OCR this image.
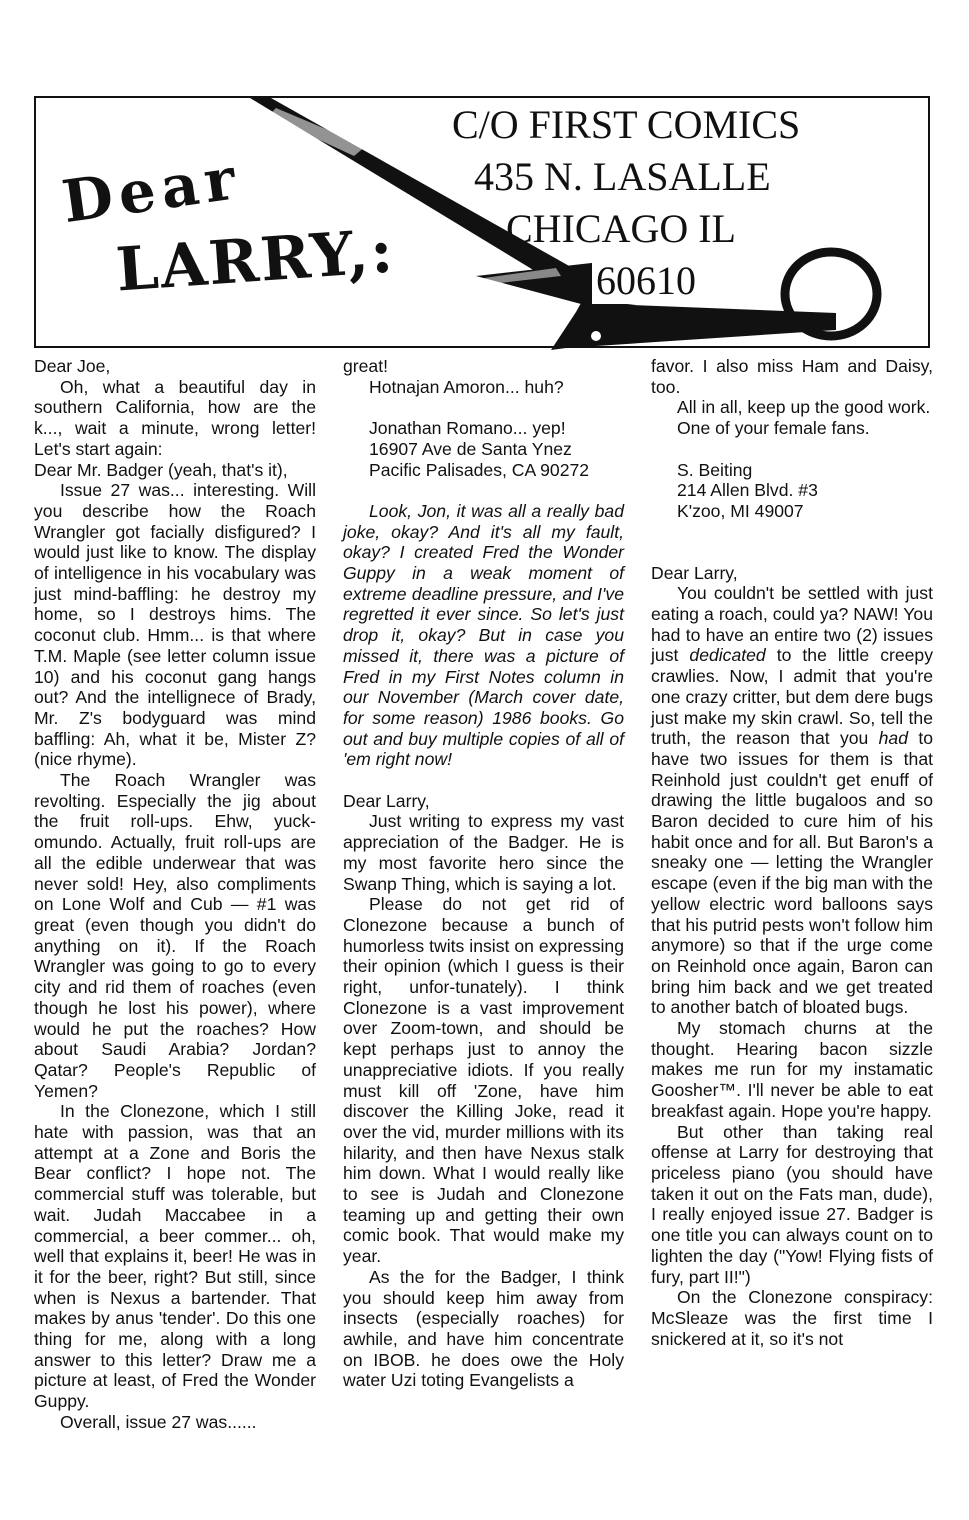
Dear
LARRY,:
C/O FIRST COMICS
435 N. LASALLE
CHICAGO IL
60610

Dear Joe,

Oh, what a beautiful day in southern California, how are the k..., wait a minute, wrong letter! Let's start again:

Dear Mr. Badger (yeah, that's it),

Issue 27 was... interesting. Will you describe how the Roach Wrangler got facially disfigured? I would just like to know. The display of intelligence in his vocabulary was just mind-baffling: he destroy my home, so I destroys hims. The coconut club. Hmm... is that where T.M. Maple (see letter column issue 10) and his coconut gang hangs out? And the intellignece of Brady, Mr. Z's bodyguard was mind baffling: Ah, what it be, Mister Z? (nice rhyme).

The Roach Wrangler was revolting. Especially the jig about the fruit roll-ups. Ehw, yuck-omundo. Actually, fruit roll-ups are all the edible underwear that was never sold! Hey, also compliments on Lone Wolf and Cub — #1 was great (even though you didn't do anything on it). If the Roach Wrangler was going to go to every city and rid them of roaches (even though he lost his power), where would he put the roaches? How about Saudi Arabia? Jordan? Qatar? People's Republic of Yemen?

In the Clonezone, which I still hate with passion, was that an attempt at a Zone and Boris the Bear conflict? I hope not. The commercial stuff was tolerable, but wait. Judah Maccabee in a commercial, a beer commer... oh, well that explains it, beer! He was in it for the beer, right? But still, since when is Nexus a bartender. That makes by anus 'tender'. Do this one thing for me, along with a long answer to this letter? Draw me a picture at least, of Fred the Wonder Guppy.

Overall, issue 27 was......

great!

Hotnajan Amoron... huh?

Jonathan Romano... yep!

16907 Ave de Santa Ynez

Pacific Palisades, CA 90272

Look, Jon, it was all a really bad joke, okay? And it's all my fault, okay? I created Fred the Wonder Guppy in a weak moment of extreme deadline pressure, and I've regretted it ever since. So let's just drop it, okay? But in case you missed it, there was a picture of Fred in my First Notes column in our November (March cover date, for some reason) 1986 books. Go out and buy multiple copies of all of 'em right now!

Dear Larry,

Just writing to express my vast appreciation of the Badger. He is my most favorite hero since the Swanp Thing, which is saying a lot.

Please do not get rid of Clonezone because a bunch of humorless twits insist on expressing their opinion (which I guess is their right, unfor-tunately). I think Clonezone is a vast improvement over Zoom-town, and should be kept perhaps just to annoy the unappreciative idiots. If you really must kill off 'Zone, have him discover the Killing Joke, read it over the vid, murder millions with its hilarity, and then have Nexus stalk him down. What I would really like to see is Judah and Clonezone teaming up and getting their own comic book. That would make my year.

As the for the Badger, I think you should keep him away from insects (especially roaches) for awhile, and have him concentrate on IBOB. he does owe the Holy water Uzi toting Evangelists a

favor. I also miss Ham and Daisy, too.

All in all, keep up the good work.

One of your female fans.

S. Beiting

214 Allen Blvd. #3

K'zoo, MI 49007

Dear Larry,

You couldn't be settled with just eating a roach, could ya? NAW! You had to have an entire two (2) issues just dedicated to the little creepy crawlies. Now, I admit that you're one crazy critter, but dem dere bugs just make my skin crawl. So, tell the truth, the reason that you had to have two issues for them is that Reinhold just couldn't get enuff of drawing the little bugaloos and so Baron decided to cure him of his habit once and for all. But Baron's a sneaky one — letting the Wrangler escape (even if the big man with the yellow electric word balloons says that his putrid pests won't follow him anymore) so that if the urge come on Reinhold once again, Baron can bring him back and we get treated to another batch of bloated bugs.

My stomach churns at the thought. Hearing bacon sizzle makes me run for my instamatic Goosher™. I'll never be able to eat breakfast again. Hope you're happy.

But other than taking real offense at Larry for destroying that priceless piano (you should have taken it out on the Fats man, dude), I really enjoyed issue 27. Badger is one title you can always count on to lighten the day ("Yow! Flying fists of fury, part II!")

On the Clonezone conspiracy: McSleaze was the first time I snickered at it, so it's not
